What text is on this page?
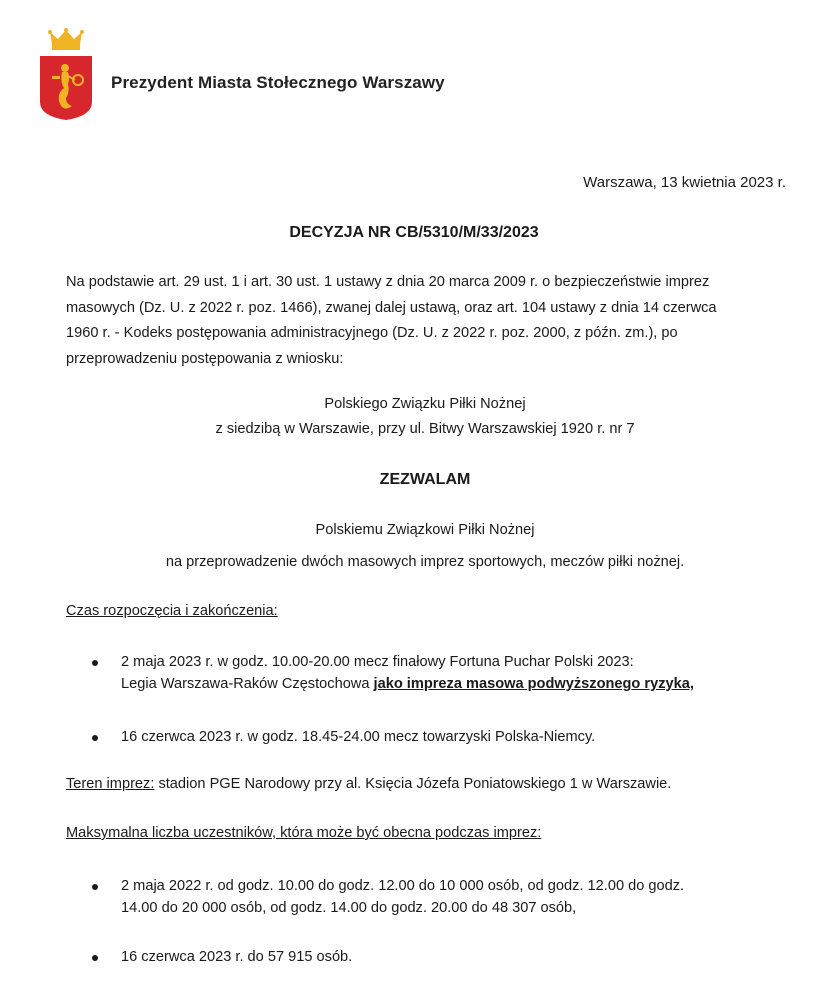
Prezydent Miasta Stołecznego Warszawy
Warszawa, 13 kwietnia 2023 r.
DECYZJA NR CB/5310/M/33/2023

Na podstawie art. 29 ust. 1 i art. 30 ust. 1 ustawy z dnia 20 marca 2009 r. o bezpieczeństwie imprez

masowych (Dz. U. z 2022 r. poz. 1466), zwanej dalej ustawą, oraz art. 104 ustawy z dnia 14 czerwca

1960 r. - Kodeks postępowania administracyjnego (Dz. U. z 2022 r. poz. 2000, z późn. zm.), po

przeprowadzeniu postępowania z wniosku:

Polskiego Związku Piłki Nożnej
z siedzibą w Warszawie, przy ul. Bitwy Warszawskiej 1920 r. nr 7
ZEZWALAM
Polskiemu Związkowi Piłki Nożnej
na przeprowadzenie dwóch masowych imprez sportowych, meczów piłki nożnej.
Czas rozpoczęcia i zakończenia:
2 maja 2023 r. w godz. 10.00-20.00 mecz finałowy Fortuna Puchar Polski 2023:
Legia Warszawa-Raków Częstochowa jako impreza masowa podwyższonego ryzyka,
16 czerwca 2023 r. w godz. 18.45-24.00 mecz towarzyski Polska-Niemcy.
Teren imprez: stadion PGE Narodowy przy al. Księcia Józefa Poniatowskiego 1 w Warszawie.
Maksymalna liczba uczestników, która może być obecna podczas imprez:
2 maja 2022 r. od godz. 10.00 do godz. 12.00 do 10 000 osób, od godz. 12.00 do godz.
14.00 do 20 000 osób, od godz. 14.00 do godz. 20.00 do 48 307 osób,
16 czerwca 2023 r. do 57 915 osób.
